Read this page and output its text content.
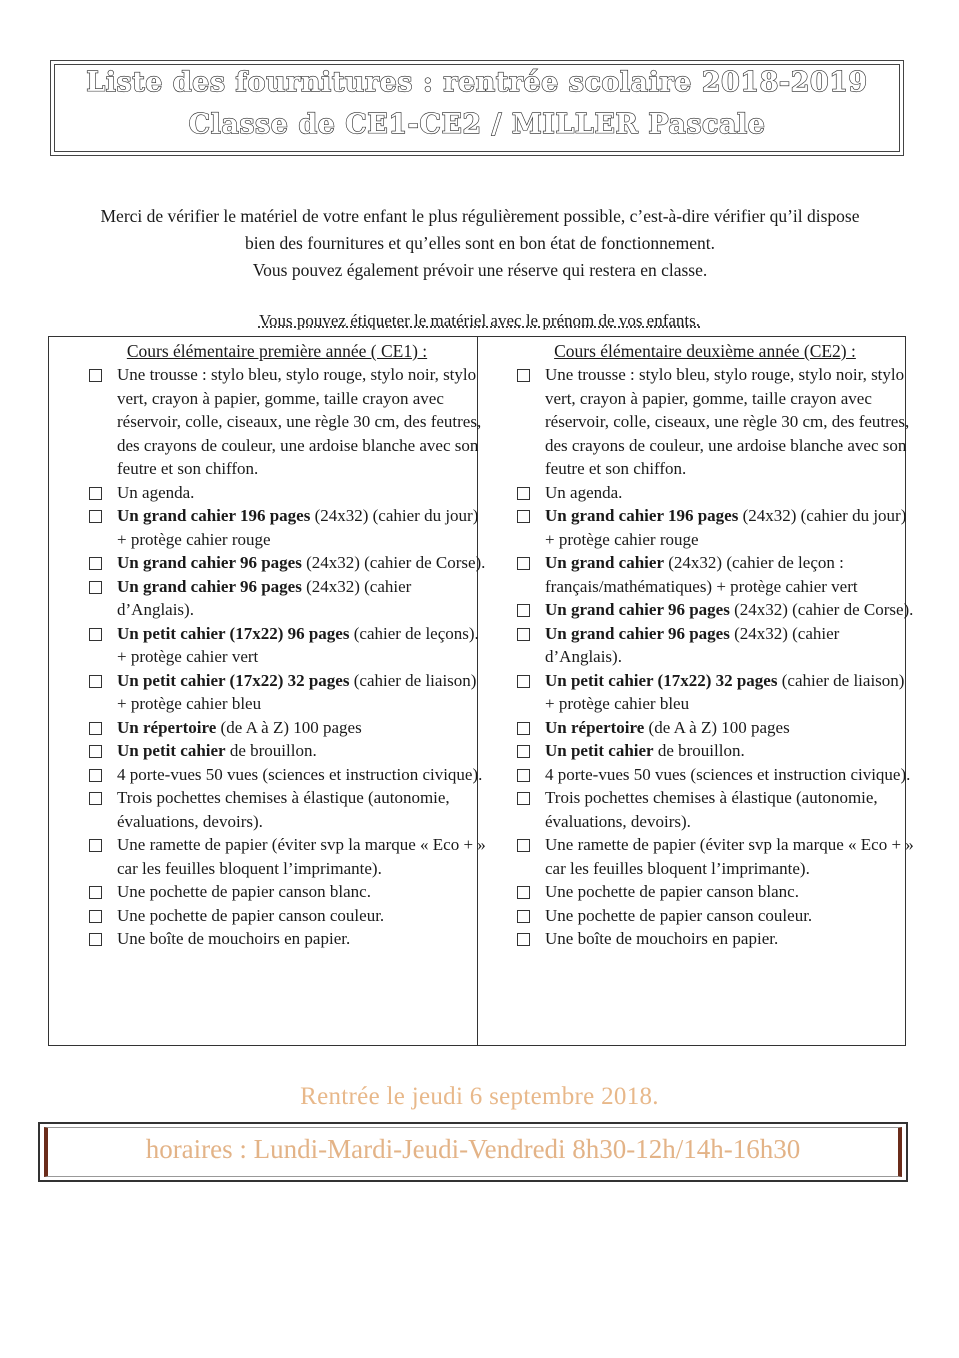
Liste des fournitures : rentrée scolaire 2018-2019
Classe de CE1-CE2 / MILLER Pascale
Merci de vérifier le matériel de votre enfant le plus régulièrement possible, c’est-à-dire vérifier qu’il dispose
bien des fournitures et qu’elles sont en bon état de fonctionnement.
Vous pouvez également prévoir une réserve qui restera en classe.
Vous pouvez étiqueter le matériel avec le prénom de vos enfants.
Cours élémentaire première année ( CE1) :
Une trousse : stylo bleu, stylo rouge, stylo noir, stylo vert, crayon à papier, gomme, taille crayon avec réservoir, colle, ciseaux, une règle 30 cm, des feutres, des crayons de couleur, une ardoise blanche avec son feutre et son chiffon.
Un agenda.
Un grand cahier 196 pages (24x32) (cahier du jour) + protège cahier rouge
Un grand cahier 96 pages (24x32) (cahier de Corse).
Un grand cahier 96 pages (24x32) (cahier d’Anglais).
Un petit cahier (17x22) 96 pages (cahier de leçons). + protège cahier vert
Un petit cahier (17x22) 32 pages (cahier de liaison) + protège cahier bleu
Un répertoire (de A à Z) 100 pages
Un petit cahier de brouillon.
4 porte-vues 50 vues (sciences et instruction civique).
Trois pochettes chemises à élastique (autonomie, évaluations, devoirs).
Une ramette de papier (éviter svp la marque « Eco + » car les feuilles bloquent l’imprimante).
Une pochette de papier canson blanc.
Une pochette de papier canson couleur.
Une boîte de mouchoirs en papier.
Cours élémentaire deuxième année (CE2) :
Une trousse : stylo bleu, stylo rouge, stylo noir, stylo vert, crayon à papier, gomme, taille crayon avec réservoir, colle, ciseaux, une règle 30 cm, des feutres, des crayons de couleur, une ardoise blanche avec son feutre et son chiffon.
Un agenda.
Un grand cahier 196 pages (24x32) (cahier du jour) + protège cahier rouge
Un grand cahier (24x32) (cahier de leçon : français/mathématiques) + protège cahier vert
Un grand cahier 96 pages (24x32) (cahier de Corse).
Un grand cahier 96 pages (24x32) (cahier d’Anglais).
Un petit cahier (17x22) 32 pages (cahier de liaison) + protège cahier bleu
Un répertoire (de A à Z) 100 pages
Un petit cahier de brouillon.
4 porte-vues 50 vues (sciences et instruction civique).
Trois pochettes chemises à élastique (autonomie, évaluations, devoirs).
Une ramette de papier (éviter svp la marque « Eco + » car les feuilles bloquent l’imprimante).
Une pochette de papier canson blanc.
Une pochette de papier canson couleur.
Une boîte de mouchoirs en papier.
Rentrée le jeudi 6 septembre 2018.
horaires : Lundi-Mardi-Jeudi-Vendredi 8h30-12h/14h-16h30
